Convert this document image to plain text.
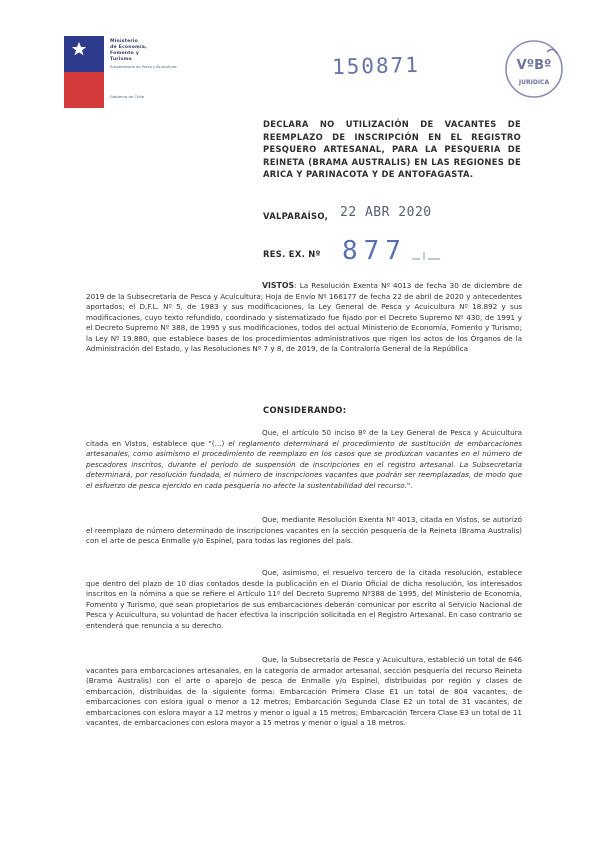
Ministerio
de Economía,
Fomento y
Turismo
Subsecretaría de Pesca y Acuicultura
Gobierno de Chile
150871	VºBº
JURIDICA
DECLARA NO UTILIZACIÓN DE VACANTES DE REEMPLAZO DE INSCRIPCIÓN EN EL REGISTRO PESQUERO ARTESANAL, PARA LA PESQUERIA DE REINETA (BRAMA AUSTRALIS) EN LAS REGIONES DE ARICA Y PARINACOTA Y DE ANTOFAGASTA.
VALPARAÍSO, 22 ABR 2020
RES. EX. Nº 877
VISTOS: La Resolución Exenta Nº 4013 de fecha 30 de diciembre de 2019 de la Subsecretaría de Pesca y Acuicultura; Hoja de Envío Nº 166177 de fecha 22 de abril de 2020 y antecedentes aportados; el D.F.L. Nº 5, de 1983 y sus modificaciones, la Ley General de Pesca y Acuicultura Nº 18.892 y sus modificaciones, cuyo texto refundido, coordinado y sistematizado fue fijado por el Decreto Supremo Nº 430, de 1991 y el Decreto Supremo Nº 388, de 1995 y sus modificaciones, todos del actual Ministerio de Economía, Fomento y Turismo; la Ley Nº 19.880, que establece bases de los procedimientos administrativos que rigen los actos de los Órganos de la Administración del Estado, y las Resoluciones Nº 7 y 8, de 2019, de la Contraloría General de la República
CONSIDERANDO:
Que, el artículo 50 inciso 8º de la Ley General de Pesca y Acuicultura citada en Vistos, establece que "(...) el reglamento determinará el procedimiento de sustitución de embarcaciones artesanales, como asimismo el procedimiento de reemplazo en los casos que se produzcan vacantes en el número de pescadores inscritos, durante el período de suspensión de inscripciones en el registro artesanal. La Subsecretaría determinará, por resolución fundada, el número de inscripciones vacantes que podrán ser reemplazadas, de modo que el esfuerzo de pesca ejercido en cada pesquería no afecte la sustentabilidad del recurso.".
Que, mediante Resolución Exenta Nº 4013, citada en Vistos, se autorizó el reemplazo de número determinado de inscripciones vacantes en la sección pesquería de la Reineta (Brama Australis) con el arte de pesca Enmalle y/o Espinel, para todas las regiones del país.
Que, asimismo, el resuelvo tercero de la citada resolución, establece que dentro del plazo de 10 días contados desde la publicación en el Diario Oficial de dicha resolución, los interesados inscritos en la nómina a que se refiere el Artículo 11º del Decreto Supremo Nº388 de 1995, del Ministerio de Economía, Fomento y Turismo, que sean propietarios de sus embarcaciones deberán comunicar por escrito al Servicio Nacional de Pesca y Acuicultura, su voluntad de hacer efectiva la inscripción solicitada en el Registro Artesanal. En caso contrario se entenderá que renuncia a su derecho.
Que, la Subsecretaría de Pesca y Acuicultura, estableció un total de 646 vacantes para embarcaciones artesanales, en la categoría de armador artesanal, sección pesquería del recurso Reineta (Brama Australis) con el arte o aparejo de pesca de Enmalle y/o Espinel, distribuidas por región y clases de embarcación, distribuidas de la siguiente forma: Embarcación Primera Clase E1 un total de 804 vacantes, de embarcaciones con eslora igual o menor a 12 metros; Embarcación Segunda Clase E2 un total de 31 vacantes, de embarcaciones con eslora mayor a 12 metros y menor o igual a 15 metros; Embarcación Tercera Clase E3 un total de 11 vacantes, de embarcaciones con eslora mayor a 15 metros y menor o igual a 18 metros.
